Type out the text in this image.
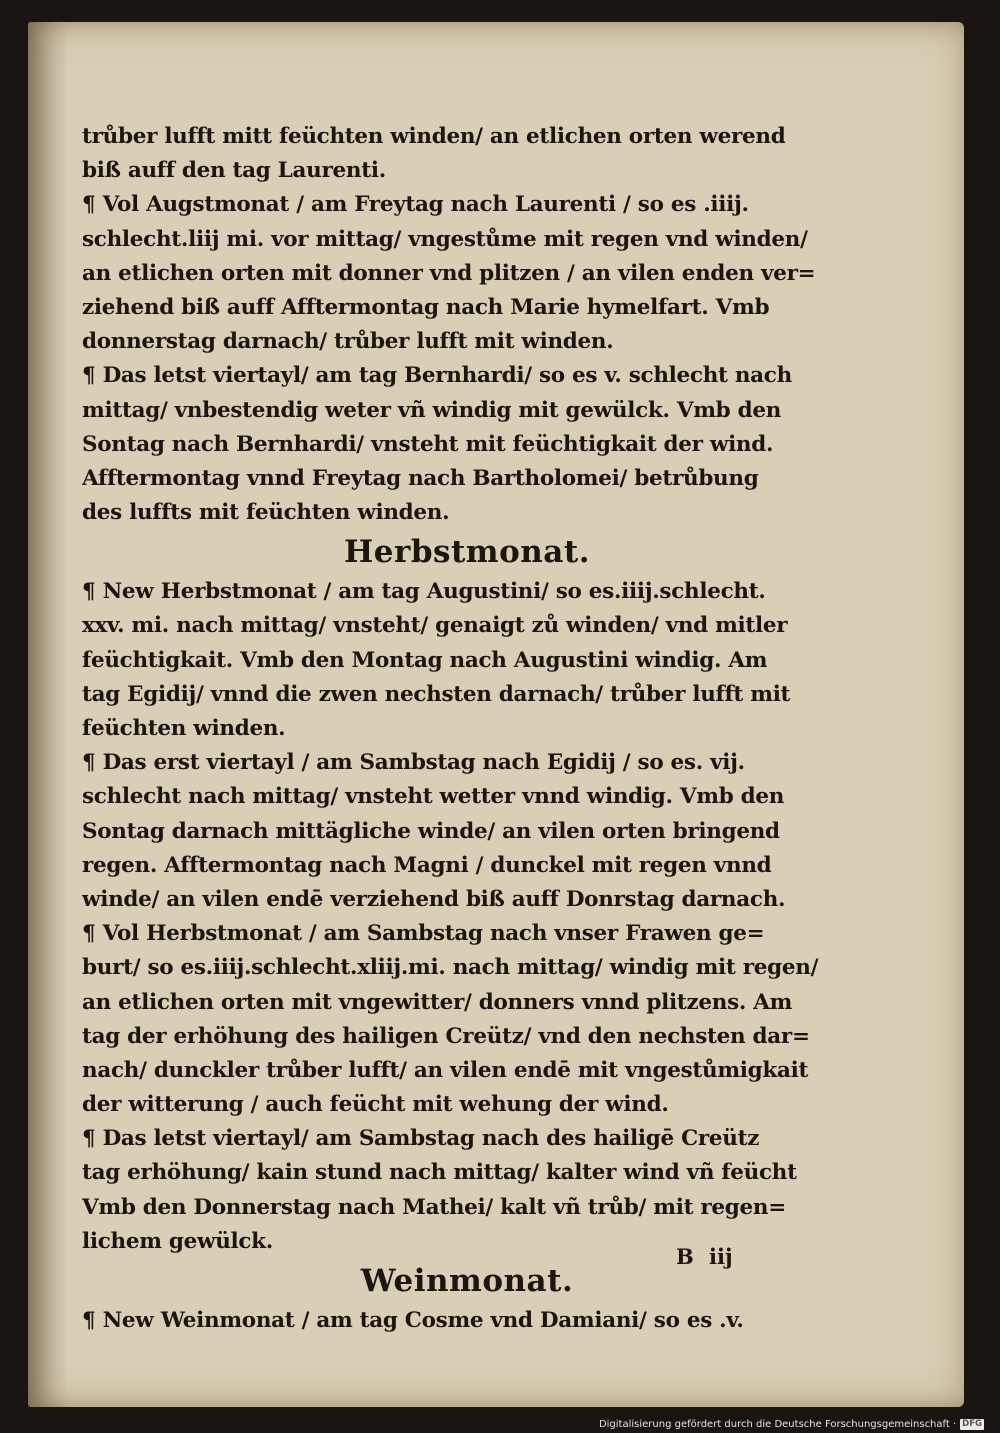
trůber lufft mitt feüchten winden/ an etlichen orten werend
biß auff den tag Laurenti.
¶ Vol Augstmonat / am Freytag nach Laurenti / so es .iiij.
schlecht.liij mi. vor mittag/ vngestůme mit regen vnd winden/
an etlichen orten mit donner vnd plitzen / an vilen enden ver=
ziehend biß auff Afftermontag nach Marie hymelfart. Vmb
donnerstag darnach/ trůber lufft mit winden.
¶ Das letst viertayl/ am tag Bernhardi/ so es v. schlecht nach
mittag/ vnbestendig weter vñ windig mit gewülck. Vmb den
Sontag nach Bernhardi/ vnsteht mit feüchtigkait der wind.
Afftermontag vnnd Freytag nach Bartholomei/ betrůbung
des luffts mit feüchten winden.
Herbstmonat.
¶ New Herbstmonat / am tag Augustini/ so es.iiij.schlecht.
xxv. mi. nach mittag/ vnsteht/ genaigt zů winden/ vnd mitler
feüchtigkait. Vmb den Montag nach Augustini windig. Am
tag Egidij/ vnnd die zwen nechsten darnach/ trůber lufft mit
feüchten winden.
¶ Das erst viertayl / am Sambstag nach Egidij / so es. vij.
schlecht nach mittag/ vnsteht wetter vnnd windig. Vmb den
Sontag darnach mittägliche winde/ an vilen orten bringend
regen. Afftermontag nach Magni / dunckel mit regen vnnd
winde/ an vilen endē verziehend biß auff Donrstag darnach.
¶ Vol Herbstmonat / am Sambstag nach vnser Frawen ge=
burt/ so es.iiij.schlecht.xliij.mi. nach mittag/ windig mit regen/
an etlichen orten mit vngewitter/ donners vnnd plitzens. Am
tag der erhöhung des hailigen Creütz/ vnd den nechsten dar=
nach/ dunckler trůber lufft/ an vilen endē mit vngestůmigkait
der witterung / auch feücht mit wehung der wind.
¶ Das letst viertayl/ am Sambstag nach des hailigē Creütz
tag erhöhung/ kain stund nach mittag/ kalter wind vñ feücht
Vmb den Donnerstag nach Mathei/ kalt vñ trůb/ mit regen=
lichem gewülck.
Weinmonat.
¶ New Weinmonat / am tag Cosme vnd Damiani/ so es .v.
B iij
Digitalisierung gefördert durch die Deutsche Forschungsgemeinschaft · DFG
